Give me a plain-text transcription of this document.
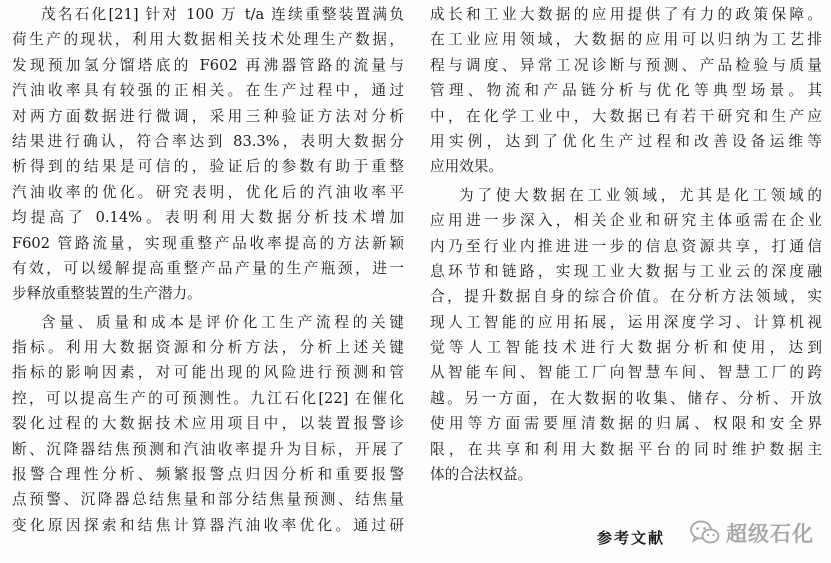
茂名石化[21] 针对 100 万 t/a 连续重整装置满负
荷生产的现状，利用大数据相关技术处理生产数据，
发现预加氢分馏塔底的 F602 再沸器管路的流量与
汽油收率具有较强的正相关。在生产过程中，通过
对两方面数据进行微调，采用三种验证方法对分析
结果进行确认，符合率达到 83.3%，表明大数据分
析得到的结果是可信的，验证后的参数有助于重整
汽油收率的优化。研究表明，优化后的汽油收率平
均提高了 0.14%。表明利用大数据分析技术增加
F602 管路流量，实现重整产品收率提高的方法新颖
有效，可以缓解提高重整产品产量的生产瓶颈，进一
步释放重整装置的生产潜力。
含量、质量和成本是评价化工生产流程的关键
指标。利用大数据资源和分析方法，分析上述关键
指标的影响因素，对可能出现的风险进行预测和管
控，可以提高生产的可预测性。九江石化[22] 在催化
裂化过程的大数据技术应用项目中，以装置报警诊
断、沉降器结焦预测和汽油收率提升为目标，开展了
报警合理性分析、频繁报警点归因分析和重要报警
点预警、沉降器总结焦量和部分结焦量预测、结焦量
变化原因探索和结焦计算器汽油收率优化。通过研
成长和工业大数据的应用提供了有力的政策保障。
在工业应用领域，大数据的应用可以归纳为工艺排
程与调度、异常工况诊断与预测、产品检验与质量
管理、物流和产品链分析与优化等典型场景。其
中，在化学工业中，大数据已有若干研究和生产应
用实例，达到了优化生产过程和改善设备运维等
应用效果。
为了使大数据在工业领域，尤其是化工领域的
应用进一步深入，相关企业和研究主体亟需在企业
内乃至行业内推进进一步的信息资源共享，打通信
息环节和链路，实现工业大数据与工业云的深度融
合，提升数据自身的综合价值。在分析方法领域，实
现人工智能的应用拓展，运用深度学习、计算机视
觉等人工智能技术进行大数据分析和使用，达到
从智能车间、智能工厂向智慧车间、智慧工厂的跨
越。另一方面，在大数据的收集、储存、分析、开放
使用等方面需要厘清数据的归属、权限和安全界
限，在共享和利用大数据平台的同时维护数据主
体的合法权益。
参考文献	超级石化
